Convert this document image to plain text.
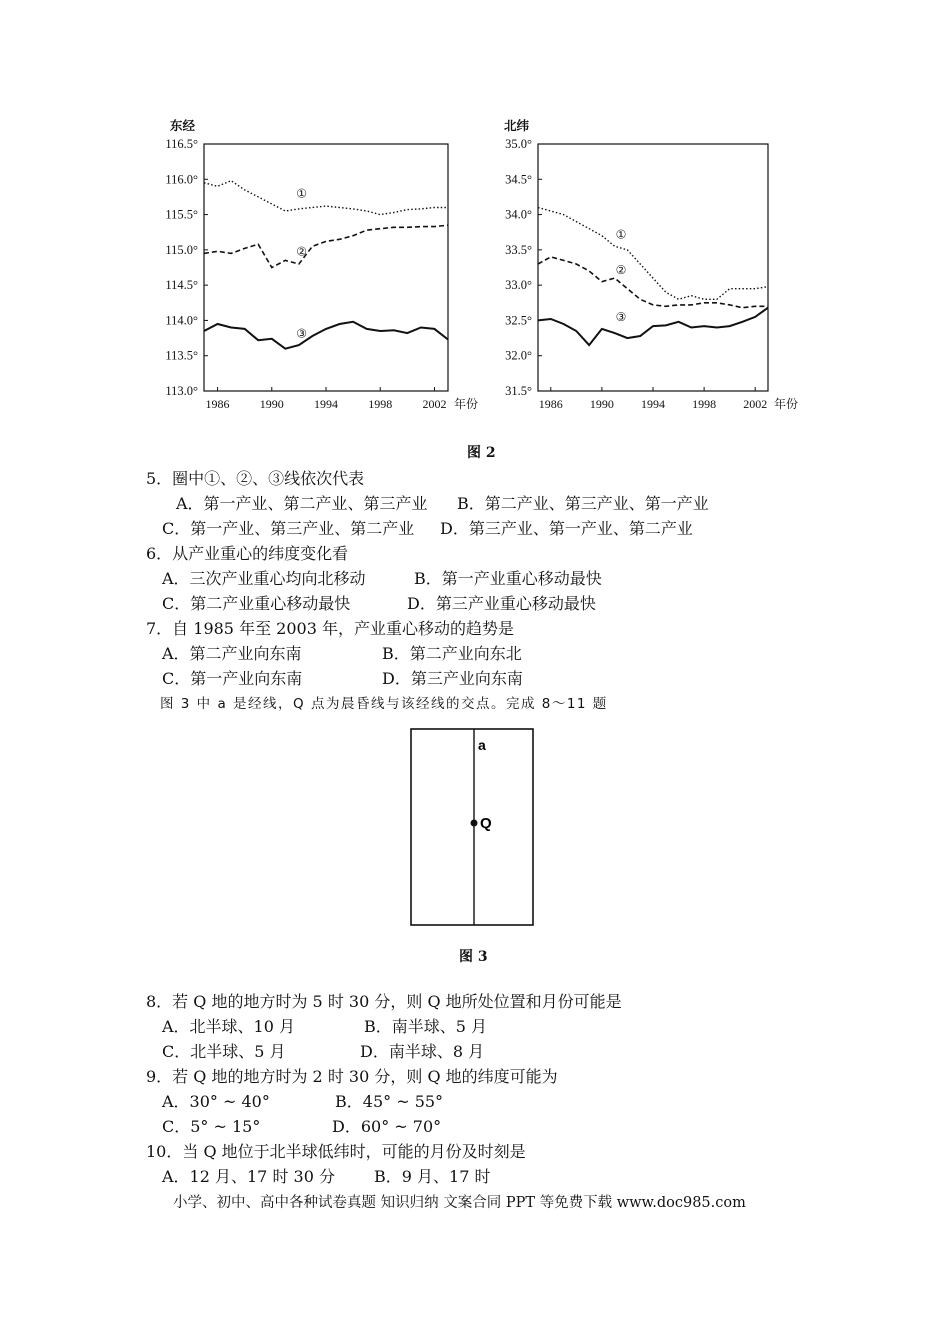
116.5°
116.0°
115.5°
115.0°
114.5°
114.0°
113.5°
113.0°
1986	1990	1994	1998	2002
东经
年份
①
②
③
35.0°
34.5°
34.0°
33.5°
33.0°
32.5°
32.0°
31.5°
1986 1990 1994 1998 2002
北纬
年份
①
②
③
图 2
5．圈中①、②、③线依次代表
A．第一产业、第二产业、第三产业 B．第二产业、第三产业、第一产业
C．第一产业、第三产业、第二产业 D．第三产业、第一产业、第二产业
6．从产业重心的纬度变化看
A．三次产业重心均向北移动	B．第一产业重心移动最快
C．第二产业重心移动最快	D．第三产业重心移动最快
7．自 1985 年至 2003 年，产业重心移动的趋势是
A．第二产业向东南	B．第二产业向东北
C．第一产业向东南	D．第三产业向东南
图 3 中 a 是经线，Q 点为晨昏线与该经线的交点。完成 8～11 题
a
Q
图 3
8．若 Q 地的地方时为 5 时 30 分，则 Q 地所处位置和月份可能是
A．北半球、10 月	B．南半球、5 月
C．北半球、5 月	D．南半球、8 月
9．若 Q 地的地方时为 2 时 30 分，则 Q 地的纬度可能为
A．30° ~ 40°	B．45° ~ 55°
C．5° ~ 15°	D．60° ~ 70°
10．当 Q 地位于北半球低纬时，可能的月份及时刻是
A．12 月、17 时 30 分 B．9 月、17 时
小学、初中、高中各种试卷真题 知识归纳 文案合同 PPT 等免费下载 www.doc985.com
